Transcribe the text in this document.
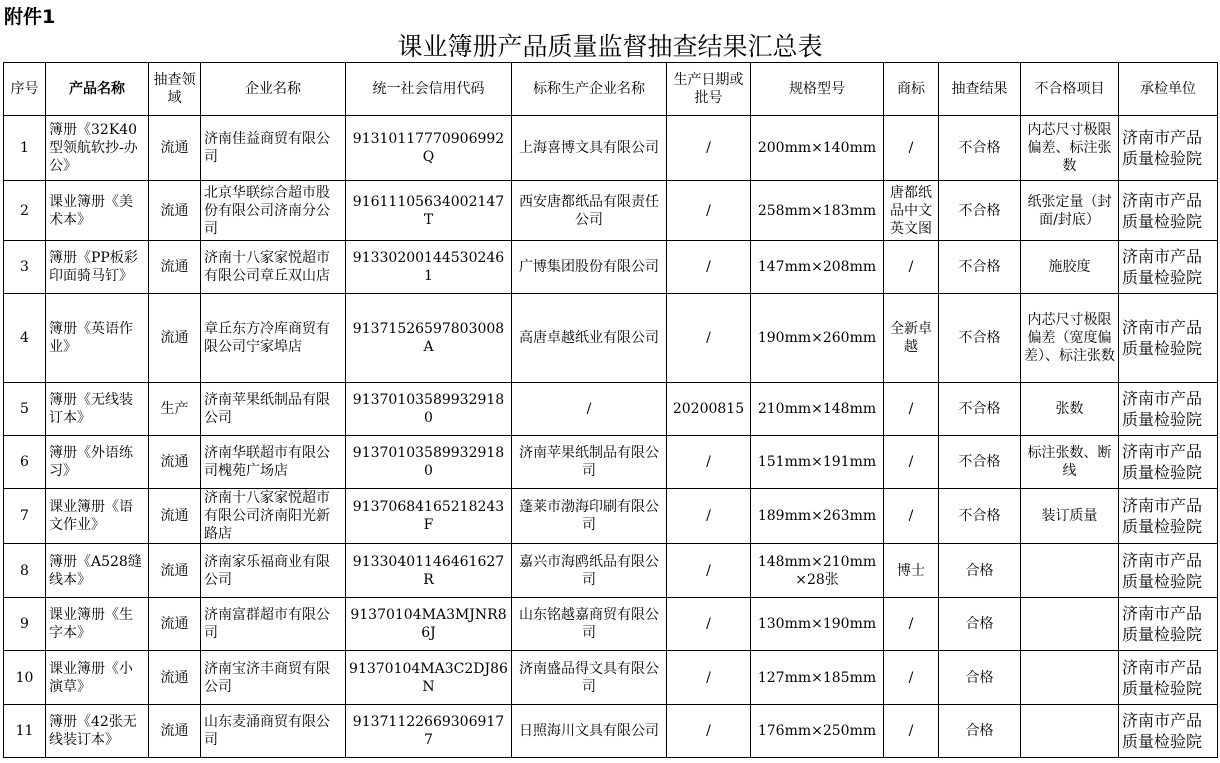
附件1
课业簿册产品质量监督抽查结果汇总表
序号	产品名称	抽查领域	企业名称	统一社会信用代码	标称生产企业名称	生产日期或批号	规格型号	商标	抽查结果	不合格项目	承检单位
1	簿册《32K40型领航软抄-办公》	流通	济南佳益商贸有限公司	91310117770906992Q	上海喜博文具有限公司	/	200mm×140mm	/	不合格	内芯尺寸极限偏差、标注张数	济南市产品质量检验院
2	课业簿册《美术本》	流通	北京华联综合超市股份有限公司济南分公司	91611105634002147T	西安唐都纸品有限责任公司	/	258mm×183mm	唐都纸品中文英文图	不合格	纸张定量（封面/封底）	济南市产品质量检验院
3	簿册《PP板彩印面骑马钉》	流通	济南十八家家悦超市有限公司章丘双山店	913302001445302461	广博集团股份有限公司	/	147mm×208mm	/	不合格	施胶度	济南市产品质量检验院
4	簿册《英语作业》	流通	章丘东方冷库商贸有限公司宁家埠店	91371526597803008A	高唐卓越纸业有限公司	/	190mm×260mm	全新卓越	不合格	内芯尺寸极限偏差（宽度偏差）、标注张数	济南市产品质量检验院
5	簿册《无线装订本》	生产	济南苹果纸制品有限公司	913701035899329180	/	20200815	210mm×148mm	/	不合格	张数	济南市产品质量检验院
6	簿册《外语练习》	流通	济南华联超市有限公司槐苑广场店	913701035899329180	济南苹果纸制品有限公司	/	151mm×191mm	/	不合格	标注张数、断线	济南市产品质量检验院
7	课业簿册《语文作业》	流通	济南十八家家悦超市有限公司济南阳光新路店	91370684165218243F	蓬莱市渤海印刷有限公司	/	189mm×263mm	/	不合格	装订质量	济南市产品质量检验院
8	簿册《A528缝线本》	流通	济南家乐福商业有限公司	91330401146461627R	嘉兴市海鸥纸品有限公司	/	148mm×210mm×28张	博士	合格		济南市产品质量检验院
9	课业簿册《生字本》	流通	济南富群超市有限公司	91370104MA3MJNR86J	山东铭越嘉商贸有限公司	/	130mm×190mm	/	合格		济南市产品质量检验院
10	课业簿册《小演草》	流通	济南宝济丰商贸有限公司	91370104MA3C2DJ86N	济南盛品得文具有限公司	/	127mm×185mm	/	合格		济南市产品质量检验院
11	簿册《42张无线装订本》	流通	山东麦涌商贸有限公司	913711226693069177	日照海川文具有限公司	/	176mm×250mm	/	合格		济南市产品质量检验院
